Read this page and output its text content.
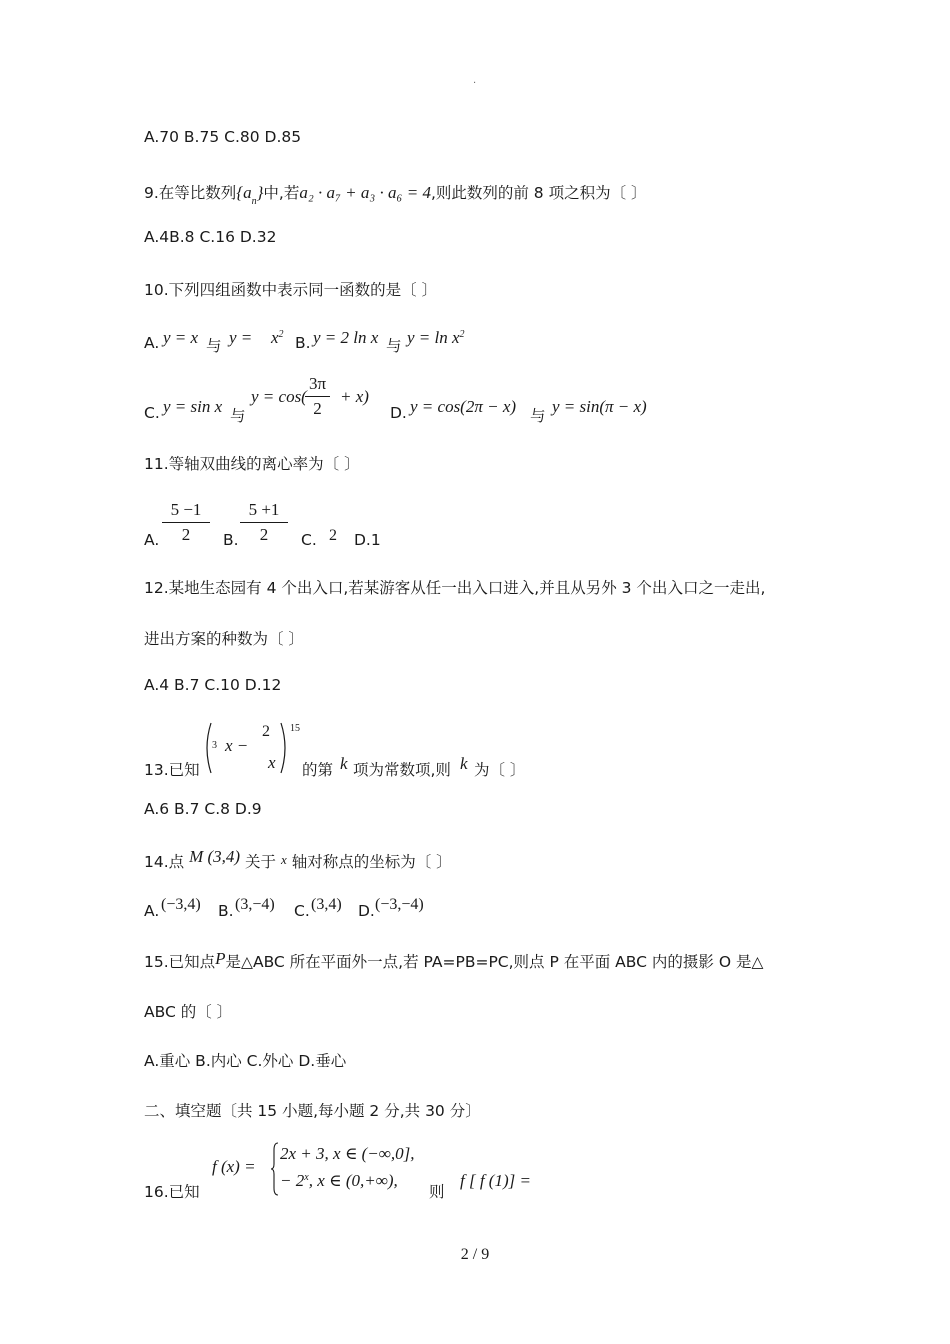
·
A.70 B.75 C.80 D.85
9.在等比数列$\{a_n\}$中,若a₂ · a₇ + a₃ · a₆ = 4,则此数列的前 8 项之积为〔 〕
A.4B.8 C.16 D.32
10.下列四组函数中表示同一函数的是〔 〕
A. y = x 与 $y = x^2$ B. y = 2 ln x 与 $y = \ln x^2$
C. y = sin x 与
y = cos(
$\frac{3\pi}{2} + x$)
D. y = cos(2π − x) 与 y = sin(π − x)
11.等轴双曲线的离心率为〔 〕
A. $\frac{5 -1}{2} B$. $\frac{5 +1}{2} C$. 2 D.1
12.某地生态园有 4 个出入口,若某游客从任一出入口进入,并且从另外 3 个出入口之一走出,
进出方案的种数为〔 〕
A.4 B.7 C.10 D.12
13.已知
3 x −
2
x
15
的第 k 项为常数项,则 k 为〔 〕
A.6 B.7 C.8 D.9
14.点 M (3,4) 关于 x 轴对称点的坐标为〔 〕
A. (−3,4) B. (3,−4) C. (3,4) D. (−3,−4)
15.已知点P是△ABC 所在平面外一点,若 PA=PB=PC,则点 P 在平面 ABC 内的摄影 O 是△
ABC 的〔 〕
A.重心 B.内心 C.外心 D.垂心
二、填空题〔共 15 小题,每小题 2 分,共 30 分〕
16.已知
f (x) =
2x + 3, x ∈ (−∞,0],
− $2^x$, x ∈ (0,+∞),
则
f [ f (1)] =
2 / 9
